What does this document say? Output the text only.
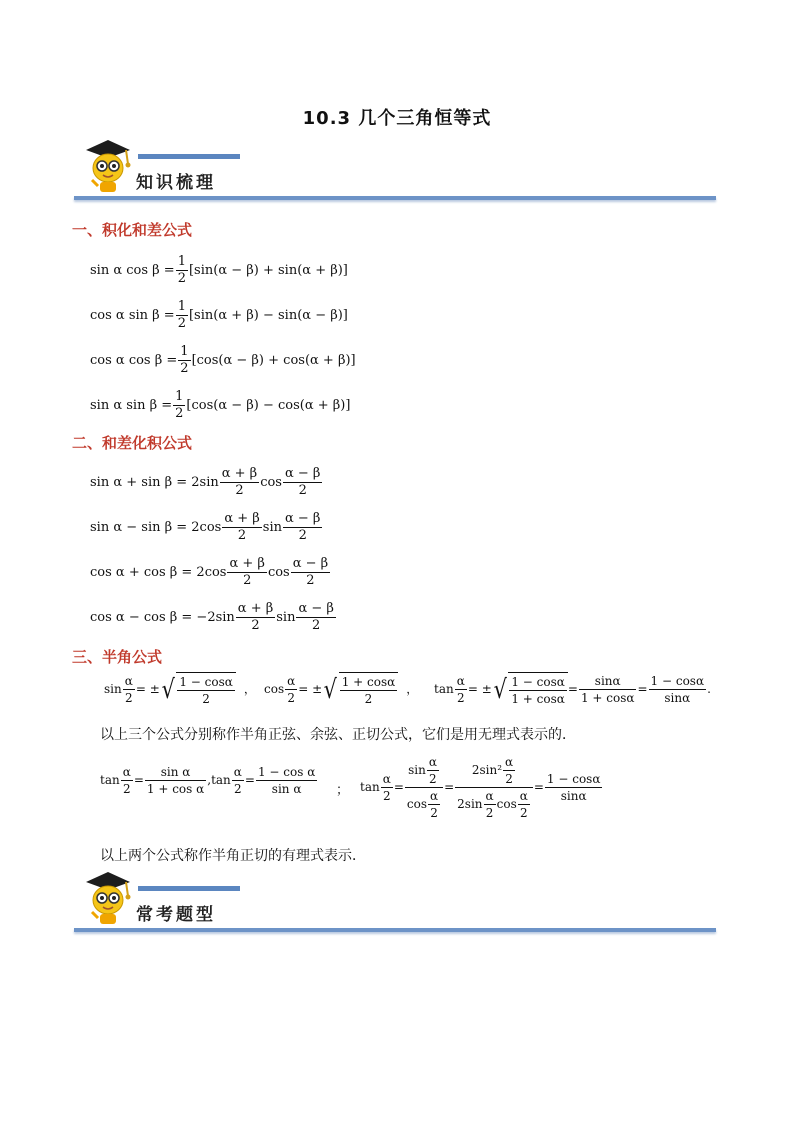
10.3 几个三角恒等式
知识梳理
一、积化和差公式
sin α $\cos \beta = \frac{1}{2} [\sin(\alpha - \beta) + \sin(\alpha + \beta)]$
cos α $\sin \beta = \frac{1}{2} [\sin(\alpha + \beta) - \sin(\alpha - \beta)]$
cos α $\cos \beta = \frac{1}{2} [\cos(\alpha - \beta) + \cos(\alpha + \beta)]$
sin α $\sin \beta = \frac{1}{2} [\cos(\alpha - \beta) - \cos(\alpha + \beta)]$
二、和差化积公式
$\sin \alpha + \sin \beta = 2\sin \frac{\alpha + \beta}{2}$ $\cos \frac{\alpha - \beta}{2}$
$\sin \alpha - \sin \beta = 2\cos \frac{\alpha + \beta}{2}$ $\sin \frac{\alpha - \beta}{2}$
$\cos \alpha + \cos \beta = 2\cos \frac{\alpha + \beta}{2}$ $\cos \frac{\alpha - \beta}{2}$
$\cos \alpha - \cos \beta = -2\sin \frac{\alpha + \beta}{2}$ $\sin \frac{\alpha - \beta}{2}$
三、半角公式
$\sin \frac{\alpha}{2}$ = ±√ $\frac{1 - \cos\alpha}{2}$ ， $\cos \frac{\alpha}{2}$ = ±√ $\frac{1 + \cos\alpha}{2}$ ， $\tan \frac{\alpha}{2}$ = ±√ $\frac{1 - \cos\alpha}{1 + \cos\alpha} = \frac{\sin\alpha}{1 + \cos\alpha} = \frac{1 - \cos\alpha}{\sin\alpha}$ .
以上三个公式分别称作半角正弦、余弦、正切公式，它们是用无理式表示的．
$\tan \frac{\alpha}{2} = \frac{\text{sin α}}{\text{1 + cos α}} ,\tan \frac{\alpha}{2} = \frac{\text{1 − cos α}}{\text{sin α}}$ ； $\tan \frac{\alpha}{2} = \frac{\sin \frac{\alpha}{2}}{\cos \frac{\alpha}{2}} = \frac{2\sin^2 \frac{\alpha}{2}}{2\sin \frac{\alpha}{2} \cos \frac{\alpha}{2}} = \frac{1 - \cos\alpha}{\sin\alpha}$
以上两个公式称作半角正切的有理式表示．
常考题型
